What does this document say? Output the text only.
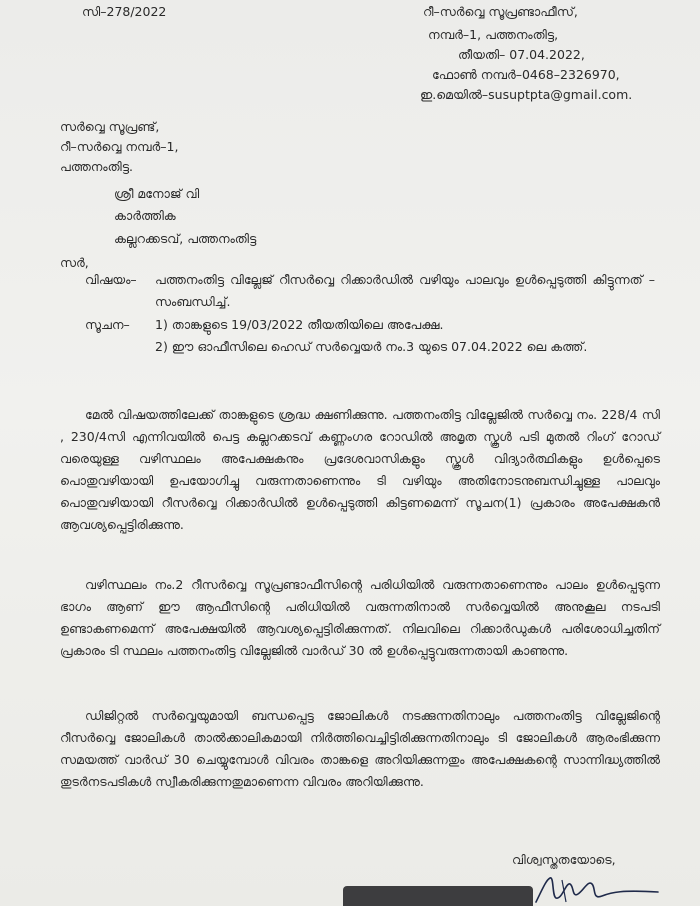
സി–278/2022	റീ–സർവ്വെ സൂപ്രണ്ടാഫീസ്,
നമ്പർ–1, പത്തനംതിട്ട,
തീയതി– 07.04.2022,
ഫോൺ നമ്പർ–0468–2326970,
ഇ.മെയിൽ–susuptpta@gmail.com.
സർവ്വെ സൂപ്രണ്ട്,
റീ–സർവ്വെ നമ്പർ–1,
പത്തനംതിട്ട.
ശ്രീ മനോജ് വി
കാർത്തിക
കല്ലറക്കടവ്, പത്തനംതിട്ട
സർ,
വിഷയം– പത്തനംതിട്ട വില്ലേജ് റീസർവ്വെ റിക്കാർഡിൽ വഴിയും പാലവും ഉൾപ്പെടുത്തി കിട്ടുന്നത് – സംബന്ധിച്ച്.
സൂചന– 1) താങ്കളുടെ 19/03/2022 തീയതിയിലെ അപേക്ഷ.
2) ഈ ഓഫീസിലെ ഹെഡ് സർവ്വെയർ നം.3 യുടെ 07.04.2022 ലെ കത്ത്.
മേൽ വിഷയത്തിലേക്ക് താങ്കളുടെ ശ്രദ്ധ ക്ഷണിക്കുന്നു. പത്തനംതിട്ട വില്ലേജിൽ സർവ്വെ നം. 228/4 സി , 230/4സി എന്നിവയിൽ പെട്ട കല്ലറക്കടവ് കണ്ണംഗര റോഡിൽ അമൃത സ്കൂൾ പടി മുതൽ റിംഗ് റോഡ് വരെയുള്ള വഴിസ്ഥലം അപേക്ഷകനും പ്രദേശവാസികളും സ്കൂൾ വിദ്യാർത്ഥികളും ഉൾപ്പെടെ പൊതുവഴിയായി ഉപയോഗിച്ചു വരുന്നതാണെന്നും ടി വഴിയും അതിനോടനുബന്ധിച്ചുള്ള പാലവും പൊതുവഴിയായി റീസർവ്വെ റിക്കാർഡിൽ ഉൾപ്പെടുത്തി കിട്ടണമെന്ന് സൂചന(1) പ്രകാരം അപേക്ഷകൻ ആവശ്യപ്പെട്ടിരിക്കുന്നു.
വഴിസ്ഥലം നം.2 റീസർവ്വെ സൂപ്രണ്ടാഫീസിന്റെ പരിധിയിൽ വരുന്നതാണെന്നും പാലം ഉൾപ്പെടുന്ന ഭാഗം ആണ് ഈ ആഫീസിന്റെ പരിധിയിൽ വരുന്നതിനാൽ സർവ്വെയിൽ അനുകൂല നടപടി ഉണ്ടാകണമെന്ന് അപേക്ഷയിൽ ആവശ്യപ്പെട്ടിരിക്കുന്നത്. നിലവിലെ റിക്കാർഡുകൾ പരിശോധിച്ചതിന് പ്രകാരം ടി സ്ഥലം പത്തനംതിട്ട വില്ലേജിൽ വാർഡ് 30 ൽ ഉൾപ്പെട്ടുവരുന്നതായി കാണുന്നു.
ഡിജിറ്റൽ സർവ്വെയുമായി ബന്ധപ്പെട്ട ജോലികൾ നടക്കുന്നതിനാലും പത്തനംതിട്ട വില്ലേജിന്റെ റീസർവ്വെ ജോലികൾ താൽക്കാലികമായി നിർത്തിവെച്ചിട്ടിരിക്കുന്നതിനാലും ടി ജോലികൾ ആരംഭിക്കുന്ന സമയത്ത് വാർഡ് 30 ചെയ്യുമ്പോൾ വിവരം താങ്കളെ അറിയിക്കുന്നതും അപേക്ഷകന്റെ സാന്നിദ്ധ്യത്തിൽ തുടർനടപടികൾ സ്വീകരിക്കുന്നതുമാണെന്ന വിവരം അറിയിക്കുന്നു.
വിശ്വസ്തതയോടെ,
